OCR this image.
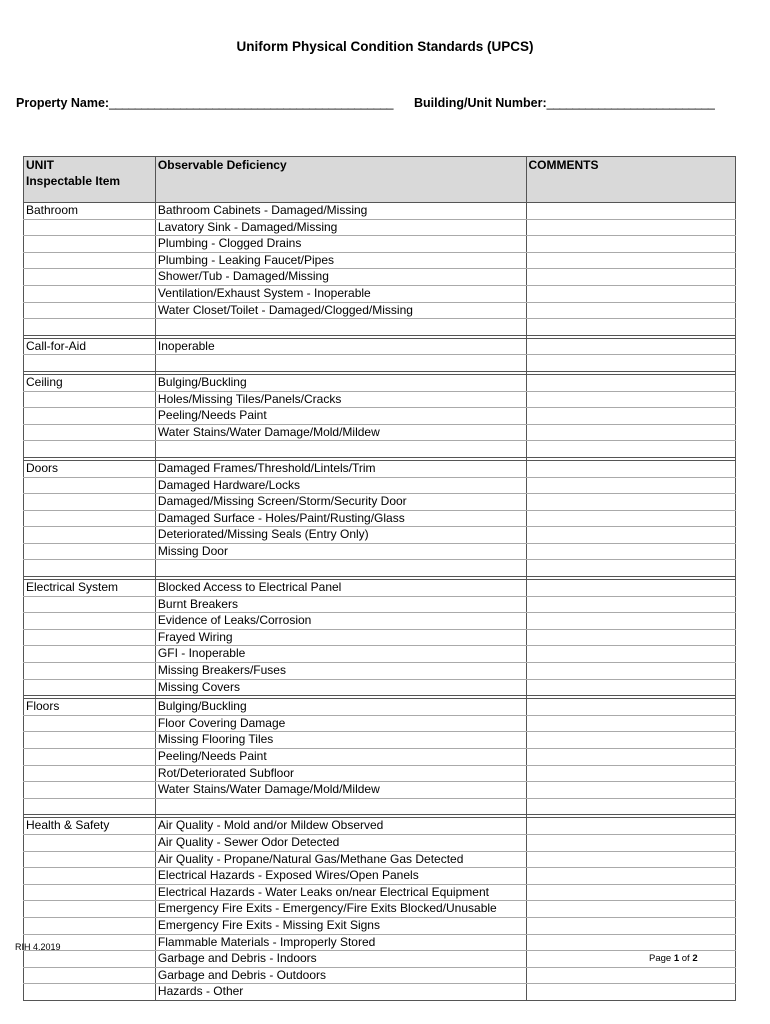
Uniform Physical Condition Standards (UPCS)
Property Name:____________________________________________ Building/Unit Number:__________________________
UNIT
Inspectable Item	Observable Deficiency	COMMENTS
Bathroom	Bathroom Cabinets - Damaged/Missing	
	Lavatory Sink - Damaged/Missing	
	Plumbing - Clogged Drains	
	Plumbing - Leaking Faucet/Pipes	
	Shower/Tub - Damaged/Missing	
	Ventilation/Exhaust System - Inoperable	
	Water Closet/Toilet - Damaged/Clogged/Missing	

Call-for-Aid	Inoperable	

Ceiling	Bulging/Buckling	
	Holes/Missing Tiles/Panels/Cracks	
	Peeling/Needs Paint	
	Water Stains/Water Damage/Mold/Mildew	

Doors	Damaged Frames/Threshold/Lintels/Trim	
	Damaged Hardware/Locks	
	Damaged/Missing Screen/Storm/Security Door	
	Damaged Surface - Holes/Paint/Rusting/Glass	
	Deteriorated/Missing Seals (Entry Only)	
	Missing Door	

Electrical System	Blocked Access to Electrical Panel	
	Burnt Breakers	
	Evidence of Leaks/Corrosion	
	Frayed Wiring	
	GFI - Inoperable	
	Missing Breakers/Fuses	
	Missing Covers	

Floors	Bulging/Buckling	
	Floor Covering Damage	
	Missing Flooring Tiles	
	Peeling/Needs Paint	
	Rot/Deteriorated Subfloor	
	Water Stains/Water Damage/Mold/Mildew	

Health & Safety	Air Quality - Mold and/or Mildew Observed	
	Air Quality - Sewer Odor Detected	
	Air Quality - Propane/Natural Gas/Methane Gas Detected	
	Electrical Hazards - Exposed Wires/Open Panels	
	Electrical Hazards - Water Leaks on/near Electrical Equipment	
	Emergency Fire Exits - Emergency/Fire Exits Blocked/Unusable	
	Emergency Fire Exits - Missing Exit Signs	
	Flammable Materials - Improperly Stored	
	Garbage and Debris - Indoors	
	Garbage and Debris - Outdoors	
	Hazards - Other	
RIH 4.2019
Page 1 of 2
